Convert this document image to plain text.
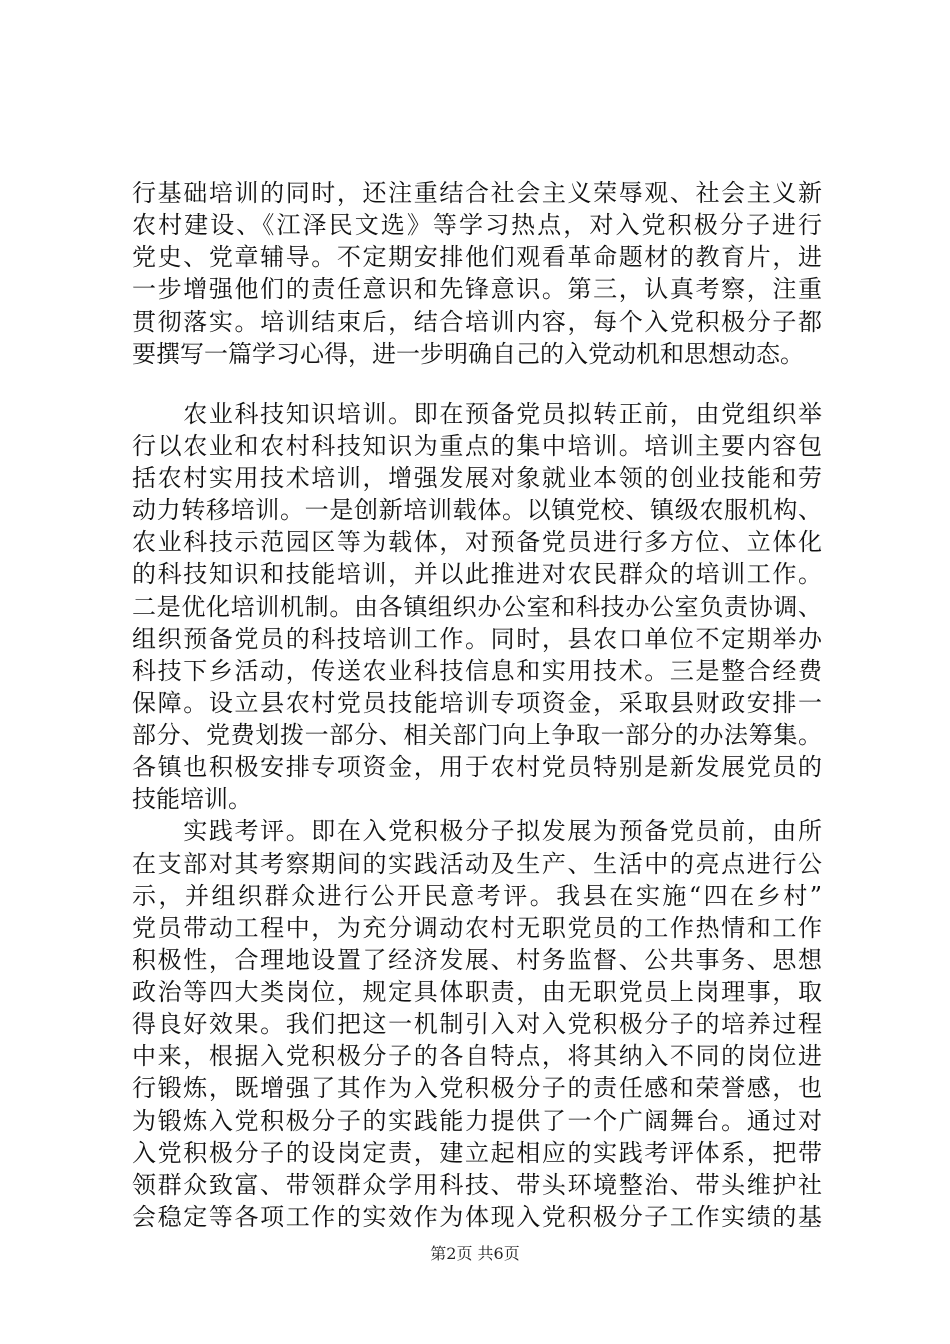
行基础培训的同时，还注重结合社会主义荣辱观、社会主义新
农村建设、《江泽民文选》等学习热点，对入党积极分子进行
党史、党章辅导。不定期安排他们观看革命题材的教育片，进
一步增强他们的责任意识和先锋意识。第三，认真考察，注重
贯彻落实。培训结束后，结合培训内容，每个入党积极分子都
要撰写一篇学习心得，进一步明确自己的入党动机和思想动态。
　　农业科技知识培训。即在预备党员拟转正前，由党组织举
行以农业和农村科技知识为重点的集中培训。培训主要内容包
括农村实用技术培训，增强发展对象就业本领的创业技能和劳
动力转移培训。一是创新培训载体。以镇党校、镇级农服机构、
农业科技示范园区等为载体，对预备党员进行多方位、立体化
的科技知识和技能培训，并以此推进对农民群众的培训工作。
二是优化培训机制。由各镇组织办公室和科技办公室负责协调、
组织预备党员的科技培训工作。同时，县农口单位不定期举办
科技下乡活动，传送农业科技信息和实用技术。三是整合经费
保障。设立县农村党员技能培训专项资金，采取县财政安排一
部分、党费划拨一部分、相关部门向上争取一部分的办法筹集。
各镇也积极安排专项资金，用于农村党员特别是新发展党员的
技能培训。
　　实践考评。即在入党积极分子拟发展为预备党员前，由所
在支部对其考察期间的实践活动及生产、生活中的亮点进行公
示，并组织群众进行公开民意考评。我县在实施“四在乡村”
党员带动工程中，为充分调动农村无职党员的工作热情和工作
积极性，合理地设置了经济发展、村务监督、公共事务、思想
政治等四大类岗位，规定具体职责，由无职党员上岗理事，取
得良好效果。我们把这一机制引入对入党积极分子的培养过程
中来，根据入党积极分子的各自特点，将其纳入不同的岗位进
行锻炼，既增强了其作为入党积极分子的责任感和荣誉感，也
为锻炼入党积极分子的实践能力提供了一个广阔舞台。通过对
入党积极分子的设岗定责，建立起相应的实践考评体系，把带
领群众致富、带领群众学用科技、带头环境整治、带头维护社
会稳定等各项工作的实效作为体现入党积极分子工作实绩的基
第2页 共6页
